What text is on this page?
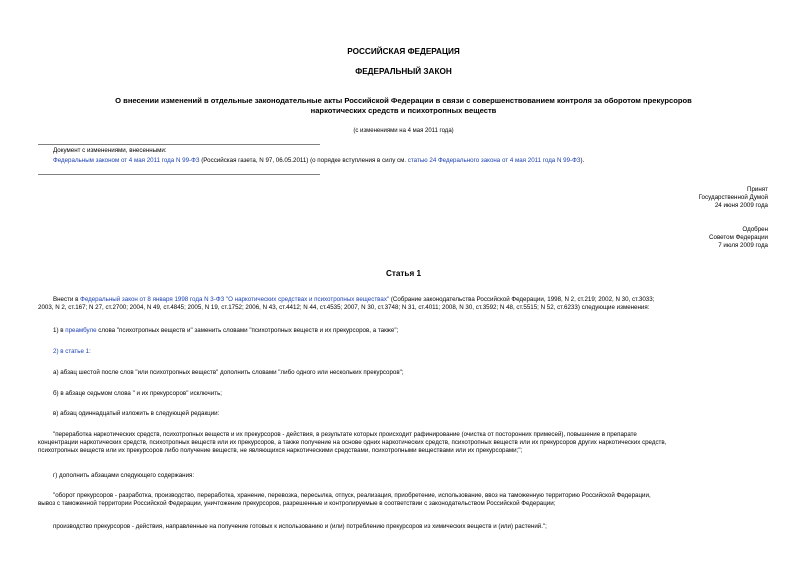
РОССИЙСКАЯ ФЕДЕРАЦИЯ
ФЕДЕРАЛЬНЫЙ ЗАКОН
О внесении изменений в отдельные законодательные акты Российской Федерации в связи с совершенствованием контроля за оборотом прекурсоров
наркотических средств и психотропных веществ
(с изменениями на 4 мая 2011 года)
Документ с изменениями, внесенными:
Федеральным законом от 4 мая 2011 года N 99-ФЗ (Российская газета, N 97, 06.05.2011) (о порядке вступления в силу см. статью 24 Федерального закона от 4 мая 2011 года N 99-ФЗ).
Принят
Государственной Думой
24 июня 2009 года
Одобрен
Советом Федерации
7 июля 2009 года
Статья 1
Внести в Федеральный закон от 8 января 1998 года N 3-ФЗ "О наркотических средствах и психотропных веществах" (Собрание законодательства Российской Федерации, 1998, N 2, ст.219; 2002, N 30, ст.3033;
2003, N 2, ст.167; N 27, ст.2700; 2004, N 49, ст.4845; 2005, N 19, ст.1752; 2006, N 43, ст.4412; N 44, ст.4535; 2007, N 30, ст.3748; N 31, ст.4011; 2008, N 30, ст.3592; N 48, ст.5515; N 52, ст.6233) следующие изменения:
1) в преамбуле слова "психотропных веществ и" заменить словами "психотропных веществ и их прекурсоров, а также";
2) в статье 1:
а) абзац шестой после слов "или психотропных веществ" дополнить словами "либо одного или нескольких прекурсоров";
б) в абзаце седьмом слова " и их прекурсоров" исключить;
в) абзац одиннадцатый изложить в следующей редакции:
"переработка наркотических средств, психотропных веществ и их прекурсоров - действия, в результате которых происходит рафинирование (очистка от посторонних примесей), повышение в препарате
концентрации наркотических средств, психотропных веществ или их прекурсоров, а также получение на основе одних наркотических средств, психотропных веществ или их прекурсоров других наркотических средств,
психотропных веществ или их прекурсоров либо получение веществ, не являющихся наркотическими средствами, психотропными веществами или их прекурсорами;";
г) дополнить абзацами следующего содержания:
"оборот прекурсоров - разработка, производство, переработка, хранение, перевозка, пересылка, отпуск, реализация, приобретение, использование, ввоз на таможенную территорию Российской Федерации,
вывоз с таможенной территории Российской Федерации, уничтожение прекурсоров, разрешенные и контролируемые в соответствии с законодательством Российской Федерации;
производство прекурсоров - действия, направленные на получение готовых к использованию и (или) потреблению прекурсоров из химических веществ и (или) растений.";
